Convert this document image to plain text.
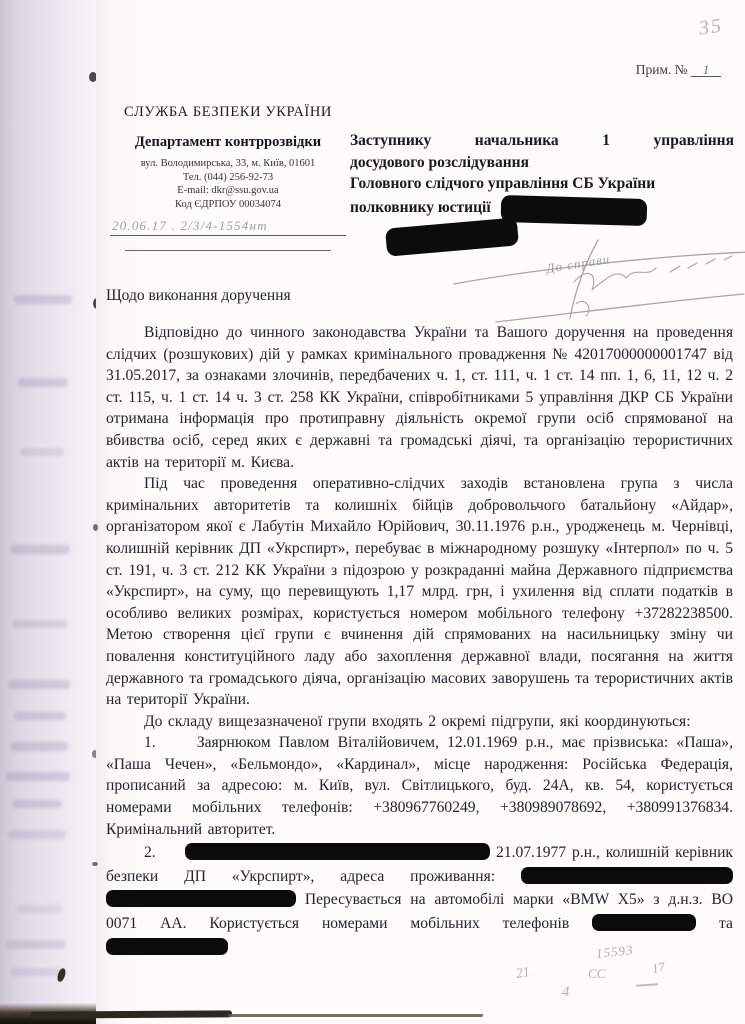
35
Прим. № 1
СЛУЖБА БЕЗПЕКИ УКРАЇНИ
Департамент контррозвідки
вул. Володимирська, 33, м. Київ, 01601
Тел. (044) 256-92-73
E-mail: dkr@ssu.gov.ua
Код ЄДРПОУ 00034074
20.06.17 . 2/3/4-1554нт
Заступнику начальника 1 управління
досудового розслідування
Головного слідчого управління СБ України
полковнику юстиції
До справи
Щодо виконання доручення

Відповідно до чинного законодавства України та Вашого доручення на проведення слідчих (розшукових) дій у рамках кримінального провадження № 42017000000001747 від 31.05.2017, за ознаками злочинів, передбачених ч. 1, ст. 111, ч. 1 ст. 14 пп. 1, 6, 11, 12 ч. 2 ст. 115, ч. 1 ст. 14 ч. 3 ст. 258 КК України, співробітниками 5 управління ДКР СБ України отримана інформація про протиправну діяльність окремої групи осіб спрямованої на вбивства осіб, серед яких є державні та громадські діячі, та організацію терористичних актів на території м. Києва.

Під час проведення оперативно-слідчих заходів встановлена група з числа кримінальних авторитетів та колишніх бійців добровольчого батальйону «Айдар», організатором якої є Лабутін Михайло Юрійович, 30.11.1976 р.н., уродженець м. Чернівці, колишній керівник ДП «Укрспирт», перебуває в міжнародному розшуку «Інтерпол» по ч. 5 ст. 191, ч. 3 ст. 212 КК України з підозрою у розкраданні майна Державного підприємства «Укрспирт», на суму, що перевищують 1,17 млрд. грн, і ухилення від сплати податків в особливо великих розмірах, користується номером мобільного телефону +37282238500. Метою створення цієї групи є вчинення дій спрямованих на насильницьку зміну чи повалення конституційного ладу або захоплення державної влади, посягання на життя державного та громадського діяча, організацію масових заворушень та терористичних актів на території України.

До складу вищезазначеної групи входять 2 окремі підгрупи, які координуються:

1.     Заярнюком Павлом Віталійовичем, 12.01.1969 р.н., має прізвиська: «Паша», «Паша Чечен», «Бельмондо», «Кардинал», місце народження: Російська Федерація, прописаний за адресою: м. Київ, вул. Світлицького, буд. 24А, кв. 54, користується номерами мобільних телефонів: +380967760249, +380989078692, +380991376834. Кримінальний авторитет.

2.	21.07.1977 р.н., колишній керівник безпеки ДП «Укрспирт», адреса проживання:   Пересувається на автомобілі марки «BMW X5» з д.н.з. ВО 0071 АА. Користується номерами мобільних телефонів	та

21
4
15593
СС	17
